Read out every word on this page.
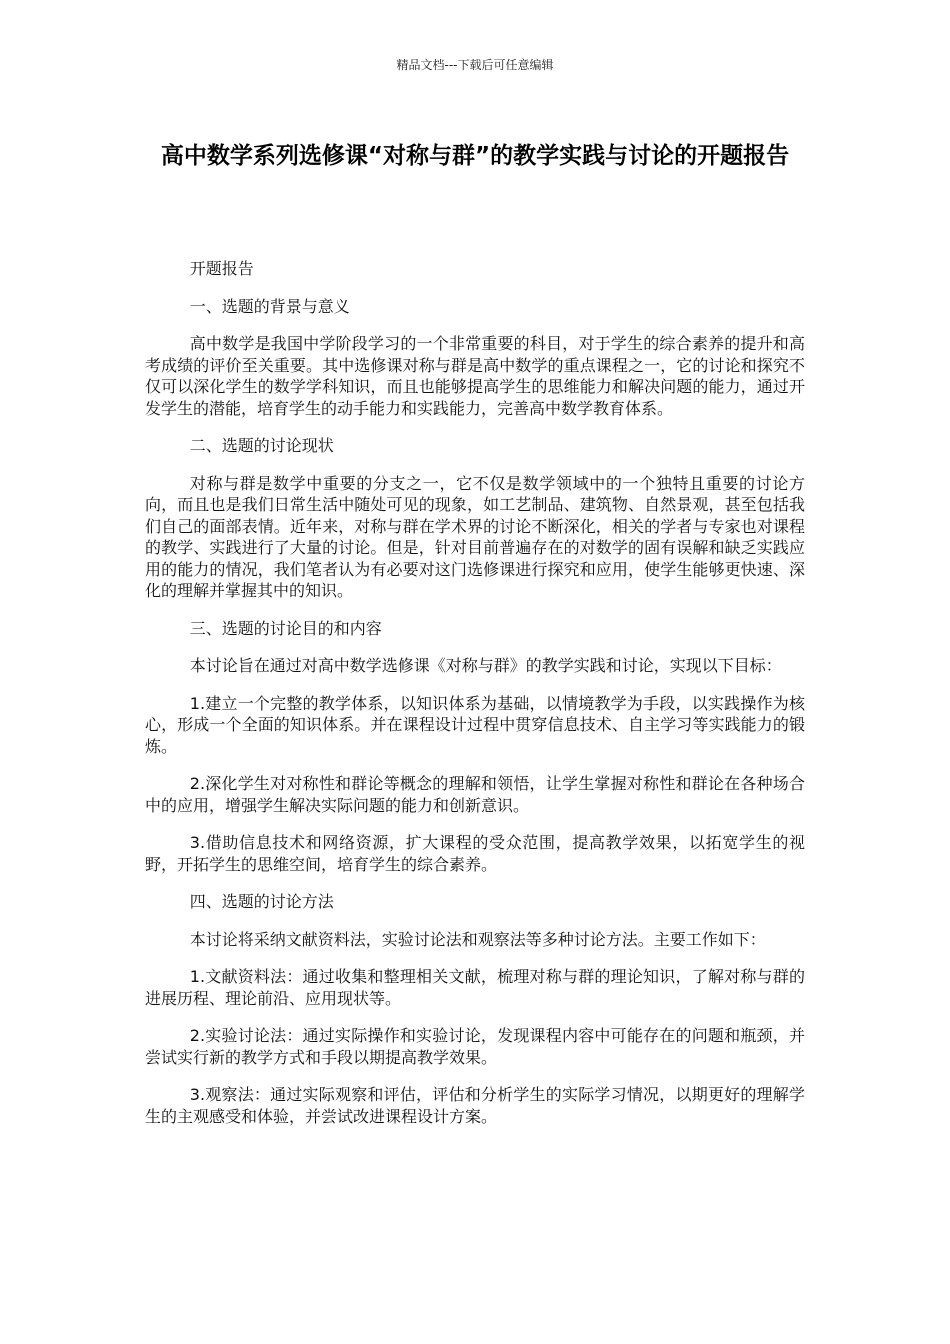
精品文档---下载后可任意编辑
高中数学系列选修课“对称与群”的教学实践与讨论的开题报告

开题报告

一、选题的背景与意义

高中数学是我国中学阶段学习的一个非常重要的科目，对于学生的综合素养的提升和高考成绩的评价至关重要。其中选修课对称与群是高中数学的重点课程之一，它的讨论和探究不仅可以深化学生的数学学科知识，而且也能够提高学生的思维能力和解决问题的能力，通过开发学生的潜能，培育学生的动手能力和实践能力，完善高中数学教育体系。

二、选题的讨论现状

对称与群是数学中重要的分支之一，它不仅是数学领域中的一个独特且重要的讨论方向，而且也是我们日常生活中随处可见的现象，如工艺制品、建筑物、自然景观，甚至包括我们自己的面部表情。近年来，对称与群在学术界的讨论不断深化，相关的学者与专家也对课程的教学、实践进行了大量的讨论。但是，针对目前普遍存在的对数学的固有误解和缺乏实践应用的能力的情况，我们笔者认为有必要对这门选修课进行探究和应用，使学生能够更快速、深化的理解并掌握其中的知识。

三、选题的讨论目的和内容

本讨论旨在通过对高中数学选修课《对称与群》的教学实践和讨论，实现以下目标：

1.建立一个完整的教学体系，以知识体系为基础，以情境教学为手段，以实践操作为核心，形成一个全面的知识体系。并在课程设计过程中贯穿信息技术、自主学习等实践能力的锻炼。

2.深化学生对对称性和群论等概念的理解和领悟，让学生掌握对称性和群论在各种场合中的应用，增强学生解决实际问题的能力和创新意识。

3.借助信息技术和网络资源，扩大课程的受众范围，提高教学效果，以拓宽学生的视野，开拓学生的思维空间，培育学生的综合素养。

四、选题的讨论方法

本讨论将采纳文献资料法，实验讨论法和观察法等多种讨论方法。主要工作如下：

1.文献资料法：通过收集和整理相关文献，梳理对称与群的理论知识，了解对称与群的进展历程、理论前沿、应用现状等。

2.实验讨论法：通过实际操作和实验讨论，发现课程内容中可能存在的问题和瓶颈，并尝试实行新的教学方式和手段以期提高教学效果。

3.观察法：通过实际观察和评估，评估和分析学生的实际学习情况，以期更好的理解学生的主观感受和体验，并尝试改进课程设计方案。
